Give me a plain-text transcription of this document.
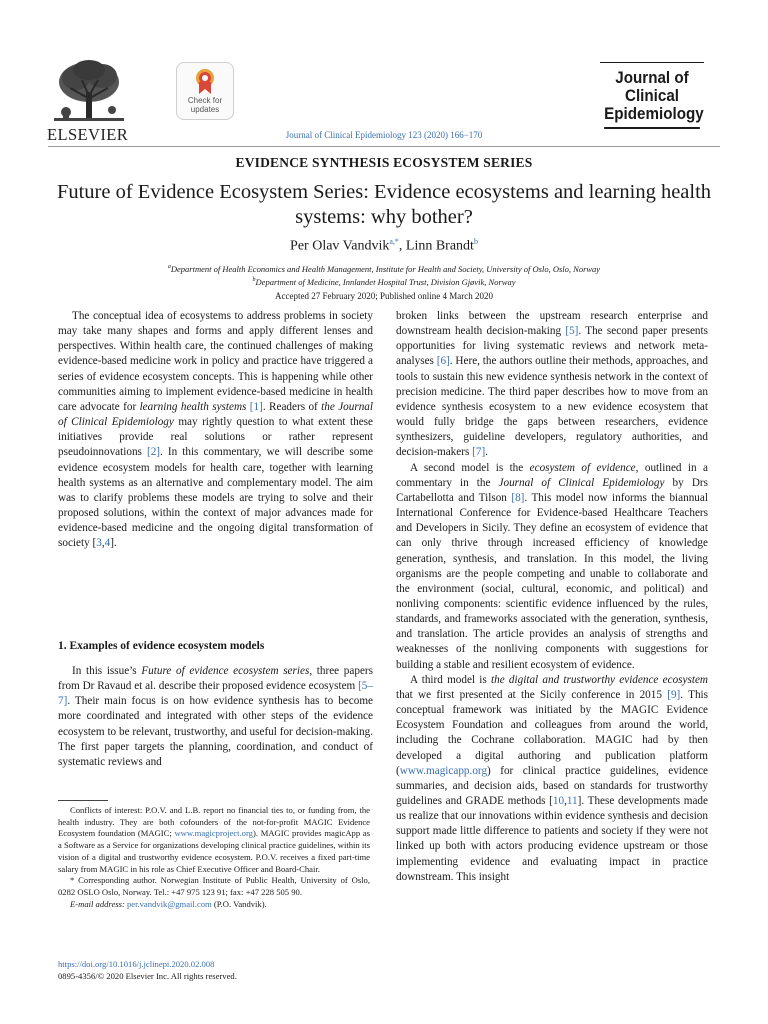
ELSEVIER
Check for updates
Journal of Clinical Epidemiology 123 (2020) 166−170
Journal of
Clinical
Epidemiology
EVIDENCE SYNTHESIS ECOSYSTEM SERIES
Future of Evidence Ecosystem Series: Evidence ecosystems and learning health systems: why bother?
Per Olav Vandvik$^{a,*}$, Linn Brandt$^b$
$^a$Department of Health Economics and Health Management, Institute for Health and Society, University of Oslo, Oslo, Norway
$^b$Department of Medicine, Innlandet Hospital Trust, Division Gjøvik, Norway
Accepted 27 February 2020; Published online 4 March 2020

The conceptual idea of ecosystems to address problems in society may take many shapes and forms and apply different lenses and perspectives. Within health care, the continued challenges of making evidence-based medicine work in policy and practice have triggered a series of evidence ecosystem concepts. This is happening while other communities aiming to implement evidence-based medicine in health care advocate for learning health systems [1]. Readers of the Journal of Clinical Epidemiology may rightly question to what extent these initiatives provide real solutions or rather represent pseudoinnovations [2]. In this commentary, we will describe some evidence ecosystem models for health care, together with learning health systems as an alternative and complementary model. The aim was to clarify problems these models are trying to solve and their proposed solutions, within the context of major advances made for evidence-based medicine and the ongoing digital transformation of society [3,4].

1. Examples of evidence ecosystem models

In this issue’s Future of evidence ecosystem series, three papers from Dr Ravaud et al. describe their proposed evidence ecosystem [5–7]. Their main focus is on how evidence synthesis has to become more coordinated and integrated with other steps of the evidence ecosystem to be relevant, trustworthy, and useful for decision-making. The first paper targets the planning, coordination, and conduct of systematic reviews and

Conflicts of interest: P.O.V. and L.B. report no financial ties to, or funding from, the health industry. They are both cofounders of the not-for-profit MAGIC Evidence Ecosystem foundation (MAGIC; www.magicproject.org). MAGIC provides magicApp as a Software as a Service for organizations developing clinical practice guidelines, within its vision of a digital and trustworthy evidence ecosystem. P.O.V. receives a fixed part-time salary from MAGIC in his role as Chief Executive Officer and Board-Chair.

* Corresponding author. Norwegian Institute of Public Health, University of Oslo, 0282 OSLO Oslo, Norway. Tel.: +47 975 123 91; fax: +47 228 505 90.

E-mail address: per.vandvik@gmail.com (P.O. Vandvik).

https://doi.org/10.1016/j.jclinepi.2020.02.008
0895-4356/© 2020 Elsevier Inc. All rights reserved.

broken links between the upstream research enterprise and downstream health decision-making [5]. The second paper presents opportunities for living systematic reviews and network meta-analyses [6]. Here, the authors outline their methods, approaches, and tools to sustain this new evidence synthesis network in the context of precision medicine. The third paper describes how to move from an evidence synthesis ecosystem to a new evidence ecosystem that would fully bridge the gaps between researchers, evidence synthesizers, guideline developers, regulatory authorities, and decision-makers [7].

A second model is the ecosystem of evidence, outlined in a commentary in the Journal of Clinical Epidemiology by Drs Cartabellotta and Tilson [8]. This model now informs the biannual International Conference for Evidence-based Healthcare Teachers and Developers in Sicily. They define an ecosystem of evidence that can only thrive through increased efficiency of knowledge generation, synthesis, and translation. In this model, the living organisms are the people competing and unable to collaborate and the environment (social, cultural, economic, and political) and nonliving components: scientific evidence influenced by the rules, standards, and frameworks associated with the generation, synthesis, and translation. The article provides an analysis of strengths and weaknesses of the nonliving components with suggestions for building a stable and resilient ecosystem of evidence.

A third model is the digital and trustworthy evidence ecosystem that we first presented at the Sicily conference in 2015 [9]. This conceptual framework was initiated by the MAGIC Evidence Ecosystem Foundation and colleagues from around the world, including the Cochrane collaboration. MAGIC had by then developed a digital authoring and publication platform (www.magicapp.org) for clinical practice guidelines, evidence summaries, and decision aids, based on standards for trustworthy guidelines and GRADE methods [10,11]. These developments made us realize that our innovations within evidence synthesis and decision support made little difference to patients and society if they were not linked up both with actors producing evidence upstream or those implementing evidence and evaluating impact in practice downstream. This insight
